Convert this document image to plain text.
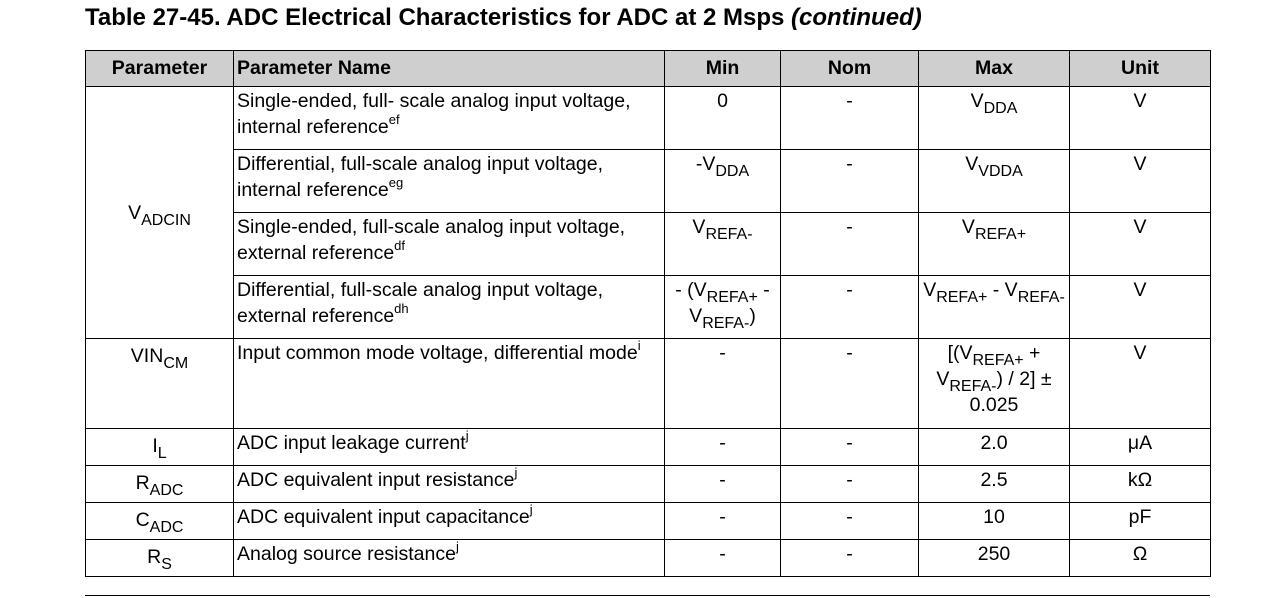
Table 27-45. ADC Electrical Characteristics for ADC at 2 Msps (continued)
Parameter	Parameter Name	Min	Nom	Max	Unit
$V_{ADCIN}$	Single-ended, full- scale analog input voltage, internal reference$^{ef}$	0	-	$V_{DDA}$	V
	Differential, full-scale analog input voltage, internal reference$^{eg}$	$-V_{DDA}$	-	$V_{VDDA}$	V
	Single-ended, full-scale analog input voltage, external reference$^{df}$	$V_{REFA-}$	-	$V_{REFA+}$	V
	Differential, full-scale analog input voltage, external reference$^{dh}$	- $(V_{REFA+} - V_{REFA-})$	-	$V_{REFA+} - V_{REFA-}$	V
$VIN_{CM}$	Input common mode voltage, differential mode$^i$	-	-	$[(V_{REFA+} + V_{REFA-}) / 2] \pm 0.025$	V
$I_L$	ADC input leakage current$^j$	-	-	2.0	μA
$R_{ADC}$	ADC equivalent input resistance$^j$	-	-	2.5	kΩ
$C_{ADC}$	ADC equivalent input capacitance$^j$	-	-	10	pF
$R_S$	Analog source resistance$^j$	-	-	250	Ω
